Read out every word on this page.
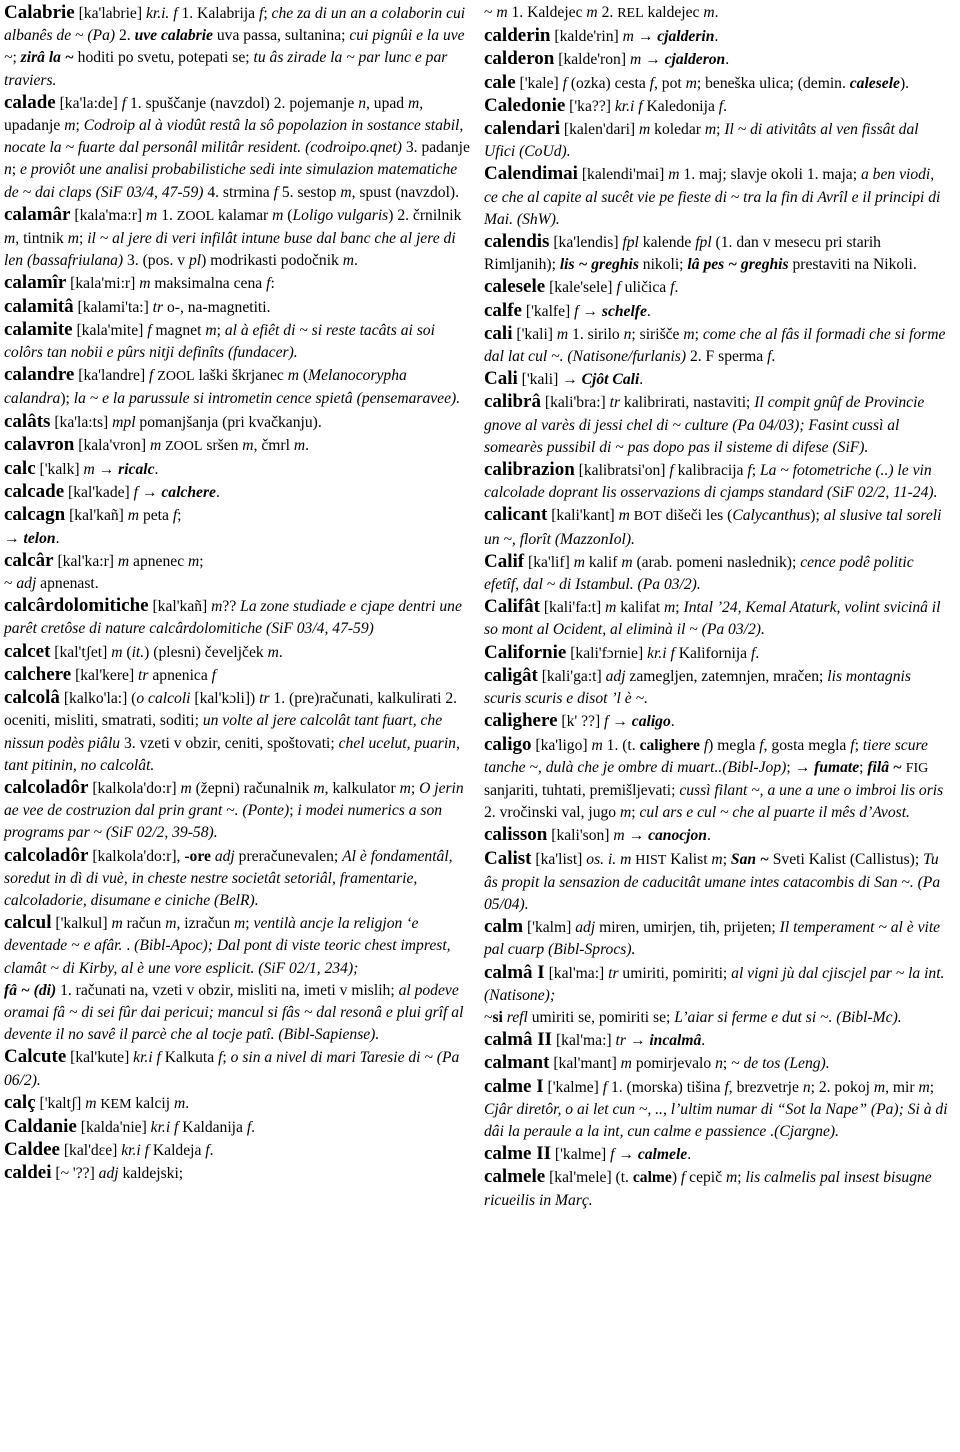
Calabrie [ka'labrie] kr.i. f 1. Kalabrija f; che za di un an a colaborin cui albanês de ~ (Pa) 2. uve calabrie uva passa, sultanina; cui pignûi e la uve ~; zirâ la ~ hoditi po svetu, potepati se; tu âs zirade la ~ par lunc e par traviers.

calade [ka'la:de] f 1. spuščanje (navzdol) 2. pojemanje n, upad m, upadanje m; Codroip al à viodût restâ la sô popolazion in sostance stabil, nocate la ~ fuarte dal personâl militâr resident. (codroipo.qnet) 3. padanje n; e proviôt une analisi probabilistiche sedi inte simulazion matematiche de ~ dai claps (SiF 03/4, 47-59) 4. strmina f 5. sestop m, spust (navzdol).

calamâr [kala'ma:r] m 1. ZOOL kalamar m (Loligo vulgaris) 2. črnilnik m, tintnik m; il ~ al jere di veri infilât intune buse dal banc che al jere di len (bassafriulana) 3. (pos. v pl) modrikasti podočnik m.

calamîr [kala'mi:r] m maksimalna cena f:

calamitâ [kalami'ta:] tr o-, na-magnetiti.

calamite [kala'mite] f magnet m; al à efiêt di ~ si reste tacâts ai soi colôrs tan nobii e pûrs nitji definîts (fundacer).

calandre [ka'landre] f ZOOL laški škrjanec m (Melanocorypha calandra); la ~ e la parussule si intrometin cence spietâ (pensemaravee).

calâts [ka'la:ts] mpl pomanjšanja (pri kvačkanju).

calavron [kala'vron] m ZOOL sršen m, čmrl m.

calc ['kalk] m → ricalc.

calcade [kal'kade] f → calchere.

calcagn [kal'kañ] m peta f;

→ telon.

calcâr [kal'ka:r] m apnenec m;

~ adj apnenast.

calcârdolomitiche [kal'kañ] m?? La zone studiade e cjape dentri une parêt cretôse di nature calcârdolomitiche (SiF 03/4, 47-59)

calcet [kal'tʃet] m (it.) (plesni) čeveljček m.

calchere [kal'kere] tr apnenica f

calcolâ [kalko'la:] (o calcoli [kal'kɔli]) tr 1. (pre)računati, kalkulirati 2. oceniti, misliti, smatrati, soditi; un volte al jere calcolât tant fuart, che nissun podès piâlu 3. vzeti v obzir, ceniti, spoštovati; chel ucelut, puarin, tant pitinin, no calcolât.

calcoladôr [kalkola'do:r] m (žepni) računalnik m, kalkulator m; O jerin ae vee de costruzion dal prin grant ~. (Ponte); i modei numerics a son programs par ~ (SiF 02/2, 39-58).

calcoladôr [kalkola'do:r], -ore adj preračunevalen; Al è fondamentâl, soredut in dì di vuè, in cheste nestre societât setoriâl, framentarie, calcoladorie, disumane e ciniche (BelR).

calcul ['kalkul] m račun m, izračun m; ventilà ancje la religjon ‘e deventade ~ e afâr. . (Bibl-Apoc); Dal pont di viste teoric chest imprest, clamât ~ di Kirby, al è une vore esplicit. (SiF 02/1, 234);

fâ ~ (di) 1. računati na, vzeti v obzir, misliti na, imeti v mislih; al podeve oramai fâ ~ di sei fûr dai pericui; mancul si fâs ~ dal resonâ e plui grîf al devente il no savê il parcè che al tocje patî. (Bibl-Sapiense).

Calcute [kal'kute] kr.i f Kalkuta f; o sin a nivel di mari Taresie di ~ (Pa 06/2).

calç ['kaltʃ] m KEM kalcij m.

Caldanie [kalda'nie] kr.i f Kaldanija f.

Caldee [kal'dɛe] kr.i f Kaldeja f.

caldei [~ '??] adj kaldejski;

~ m 1. Kaldejec m 2. REL kaldejec m.

calderin [kalde'rin] m → cjalderin.

calderon [kalde'ron] m → cjalderon.

cale ['kale] f (ozka) cesta f, pot m; beneška ulica; (demin. calesele).

Caledonie ['ka??] kr.i f Kaledonija f.

calendari [kalen'dari] m koledar m; Il ~ di ativitâts al ven fissât dal Ufici (CoUd).

Calendimai [kalendi'mai] m 1. maj; slavje okoli 1. maja; a ben viodi, ce che al capite al sucêt vie pe fieste di ~ tra la fin di Avrîl e il principi di Mai. (ShW).

calendis [ka'lendis] fpl kalende fpl (1. dan v mesecu pri starih Rimljanih); lis ~ greghis nikoli; lâ pes ~ greghis prestaviti na Nikoli.

calesele [kale'sele] f uličica f.

calfe ['kalfe] f → schelfe.

cali ['kali] m 1. sirilo n; sirišče m; come che al fâs il formadi che si forme dal lat cul ~. (Natisone/furlanis) 2. F sperma f.

Cali ['kali] → Cjôt Cali.

calibrâ [kali'bra:] tr kalibrirati, nastaviti; Il compit gnûf de Provincie gnove al varès di jessi chel di ~ culture (Pa 04/03); Fasint cussì al somearès pussibil di ~ pas dopo pas il sisteme di difese (SiF).

calibrazion [kalibratsi'on] f kalibracija f; La ~ fotometriche (..) le vin calcolade doprant lis osservazions di cjamps standard (SiF 02/2, 11-24).

calicant [kali'kant] m BOT dišeči les (Calycanthus); al slusive tal soreli un ~, florît (MazzonIol).

Calif [ka'lif] m kalif m (arab. pomeni naslednik); cence podê politic efetîf, dal ~ di Istambul. (Pa 03/2).

Califât [kali'fa:t] m kalifat m; Intal ’24, Kemal Ataturk, volint svicinâ il so mont al Ocident, al eliminà il ~ (Pa 03/2).

Californie [kali'fɔrnie] kr.i f Kalifornija f.

caligât [kali'ga:t] adj zamegljen, zatemnjen, mračen; lis montagnis scuris scuris e disot ’l è ~.

calighere [k' ??] f → caligo.

caligo [ka'ligo] m 1. (t. calighere f) megla f, gosta megla f; tiere scure tanche ~, dulà che je ombre di muart..(Bibl-Jop); → fumate; filâ ~ FIG sanjariti, tuhtati, premišljevati; cussì filant ~, a une a une o imbroi lis oris 2. vročinski val, jugo m; cul ars e cul ~ che al puarte il mês d’Avost.

calisson [kali'son] m → canocjon.

Calist [ka'list] os. i. m HIST Kalist m; San ~ Sveti Kalist (Callistus); Tu âs propit la sensazion de caducitât umane intes catacombis di San ~. (Pa 05/04).

calm ['kalm] adj miren, umirjen, tih, prijeten; Il temperament ~ al è vite pal cuarp (Bibl-Sprocs).

calmâ I [kal'ma:] tr umiriti, pomiriti; al vigni jù dal cjiscjel par ~ la int. (Natisone);

~si refl umiriti se, pomiriti se; L’aiar si ferme e dut si ~. (Bibl-Mc).

calmâ II [kal'ma:] tr → incalmâ.

calmant [kal'mant] m pomirjevalo n; ~ de tos (Leng).

calme I ['kalme] f 1. (morska) tišina f, brezvetrje n; 2. pokoj m, mir m; Cjâr diretôr, o ai let cun ~, .., l’ultim numar di “Sot la Nape” (Pa); Si à di dâi la peraule a la int, cun calme e passience .(Cjargne).

calme II ['kalme] f → calmele.

calmele [kal'mele] (t. calme) f cepič m; lis calmelis pal insest bisugne ricueilis in Març.
